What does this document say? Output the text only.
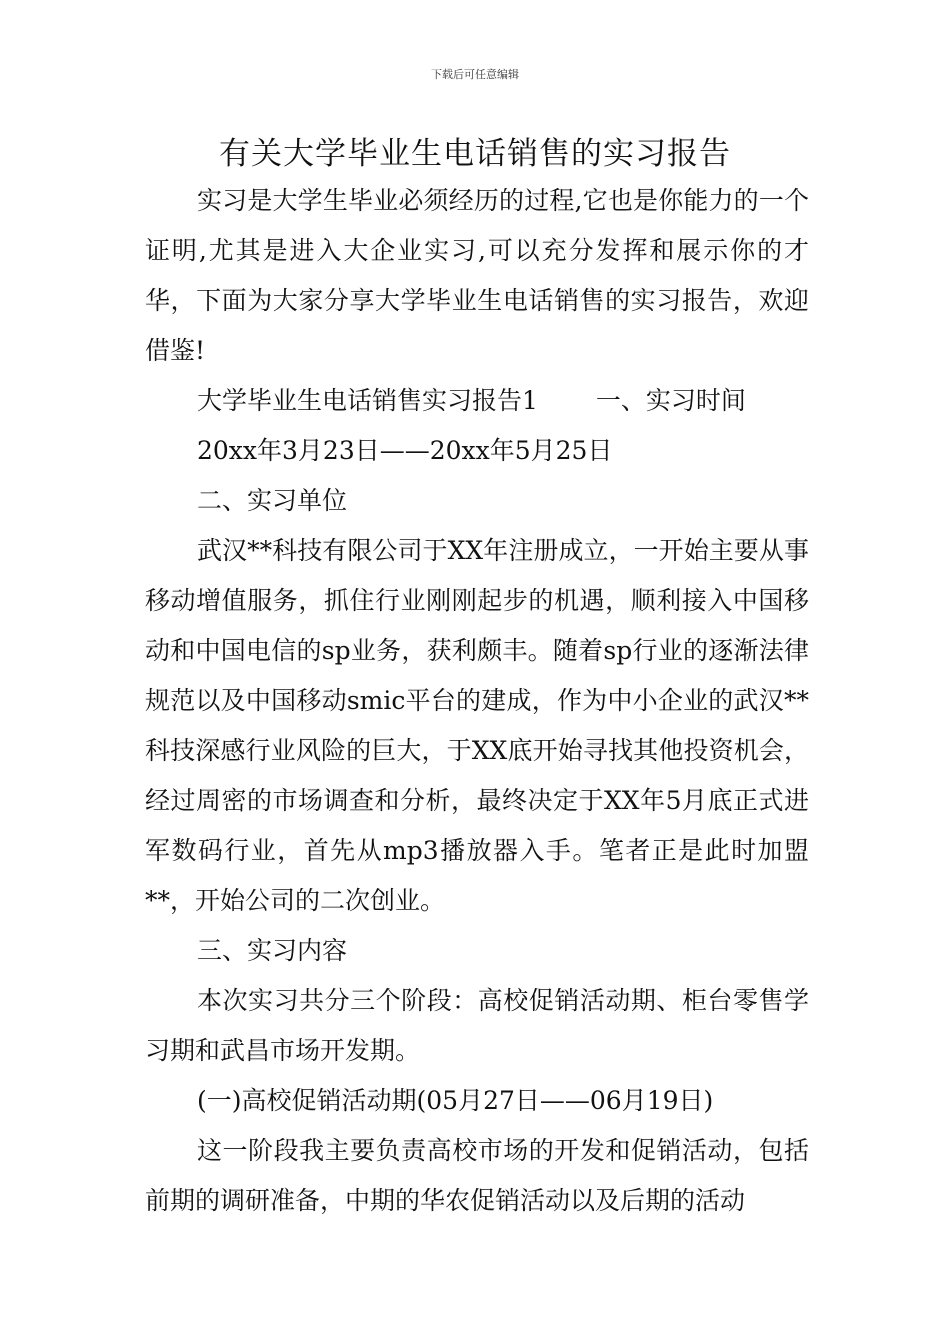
下载后可任意编辑
有关大学毕业生电话销售的实习报告

实习是大学生毕业必须经历的过程,它也是你能力的一个证明,尤其是进入大企业实习,可以充分发挥和展示你的才华，下面为大家分享大学毕业生电话销售的实习报告，欢迎借鉴!

大学毕业生电话销售实习报告1 一、实习时间

20xx年3月23日——20xx年5月25日

二、实习单位

武汉**科技有限公司于XX年注册成立，一开始主要从事移动增值服务，抓住行业刚刚起步的机遇，顺利接入中国移动和中国电信的sp业务，获利颇丰。随着sp行业的逐渐法律规范以及中国移动smic平台的建成，作为中小企业的武汉**科技深感行业风险的巨大，于XX底开始寻找其他投资机会，经过周密的市场调查和分析，最终决定于XX年5月底正式进军数码行业，首先从mp3播放器入手。笔者正是此时加盟**，开始公司的二次创业。

三、实习内容

本次实习共分三个阶段：高校促销活动期、柜台零售学习期和武昌市场开发期。

(一)高校促销活动期(05月27日——06月19日)

这一阶段我主要负责高校市场的开发和促销活动，包括前期的调研准备，中期的华农促销活动以及后期的活动
